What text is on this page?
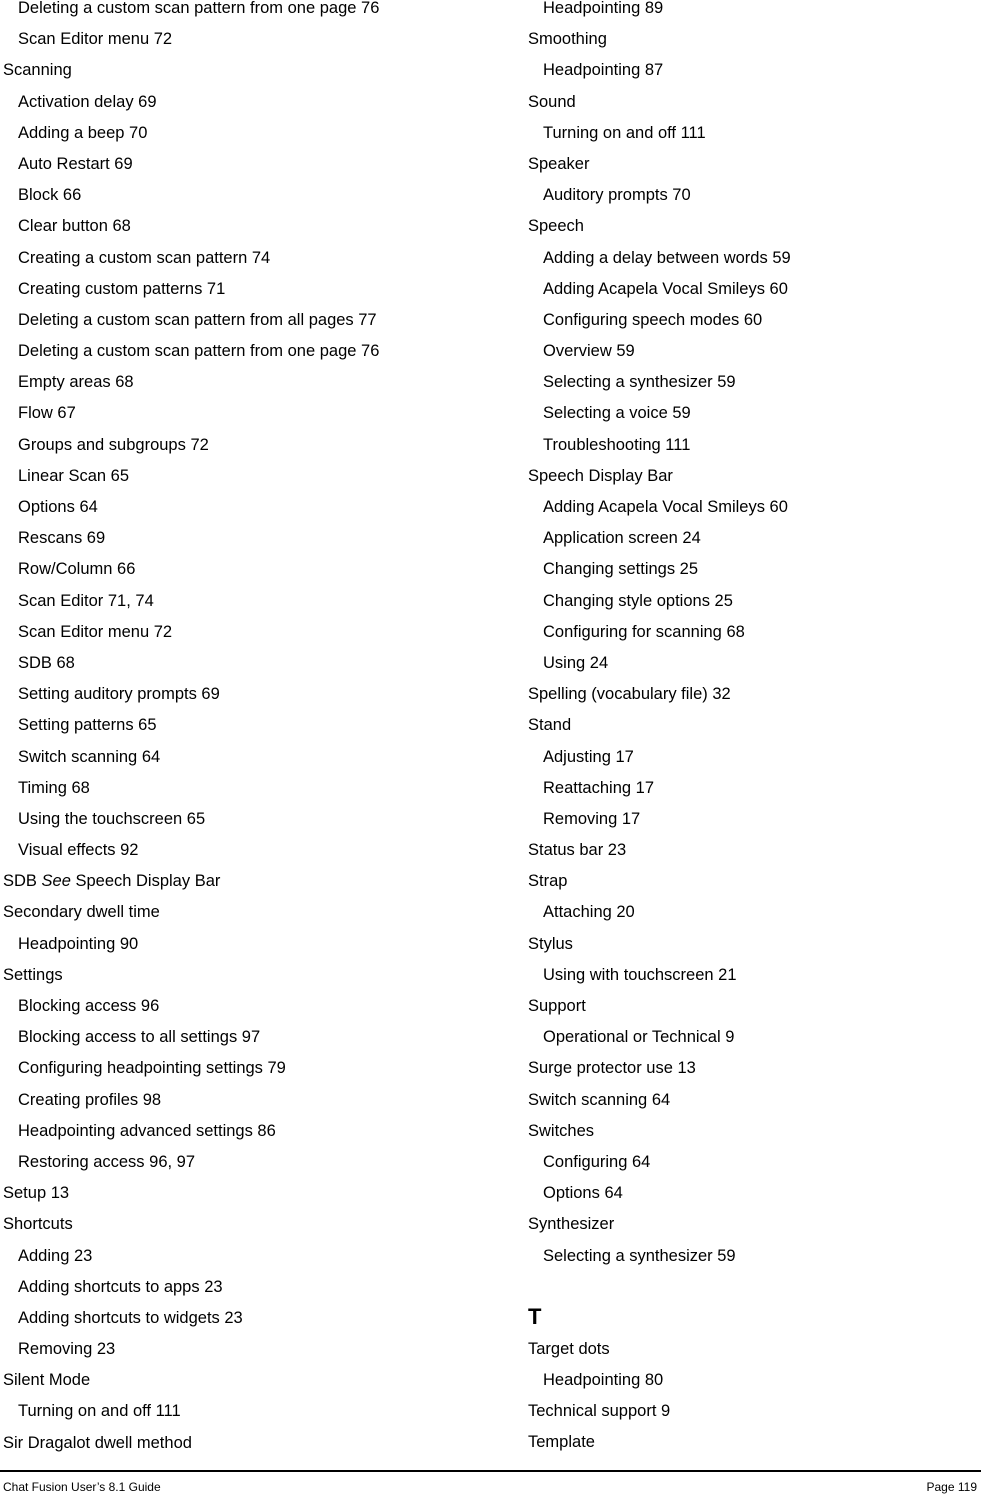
Deleting a custom scan pattern from one page 76
Scan Editor menu 72
Scanning
Activation delay 69
Adding a beep 70
Auto Restart 69
Block 66
Clear button 68
Creating a custom scan pattern 74
Creating custom patterns 71
Deleting a custom scan pattern from all pages 77
Deleting a custom scan pattern from one page 76
Empty areas 68
Flow 67
Groups and subgroups 72
Linear Scan 65
Options 64
Rescans 69
Row/Column 66
Scan Editor 71, 74
Scan Editor menu 72
SDB 68
Setting auditory prompts 69
Setting patterns 65
Switch scanning 64
Timing 68
Using the touchscreen 65
Visual effects 92
SDB See Speech Display Bar
Secondary dwell time
Headpointing 90
Settings
Blocking access 96
Blocking access to all settings 97
Configuring headpointing settings 79
Creating profiles 98
Headpointing advanced settings 86
Restoring access 96, 97
Setup 13
Shortcuts
Adding 23
Adding shortcuts to apps 23
Adding shortcuts to widgets 23
Removing 23
Silent Mode
Turning on and off 111
Sir Dragalot dwell method
Headpointing 89
Smoothing
Headpointing 87
Sound
Turning on and off 111
Speaker
Auditory prompts 70
Speech
Adding a delay between words 59
Adding Acapela Vocal Smileys 60
Configuring speech modes 60
Overview 59
Selecting a synthesizer 59
Selecting a voice 59
Troubleshooting 111
Speech Display Bar
Adding Acapela Vocal Smileys 60
Application screen 24
Changing settings 25
Changing style options 25
Configuring for scanning 68
Using 24
Spelling (vocabulary file) 32
Stand
Adjusting 17
Reattaching 17
Removing 17
Status bar 23
Strap
Attaching 20
Stylus
Using with touchscreen 21
Support
Operational or Technical 9
Surge protector use 13
Switch scanning 64
Switches
Configuring 64
Options 64
Synthesizer
Selecting a synthesizer 59
T
Target dots
Headpointing 80
Technical support 9
Template
Chat Fusion User’s 8.1 Guide	Page 119
